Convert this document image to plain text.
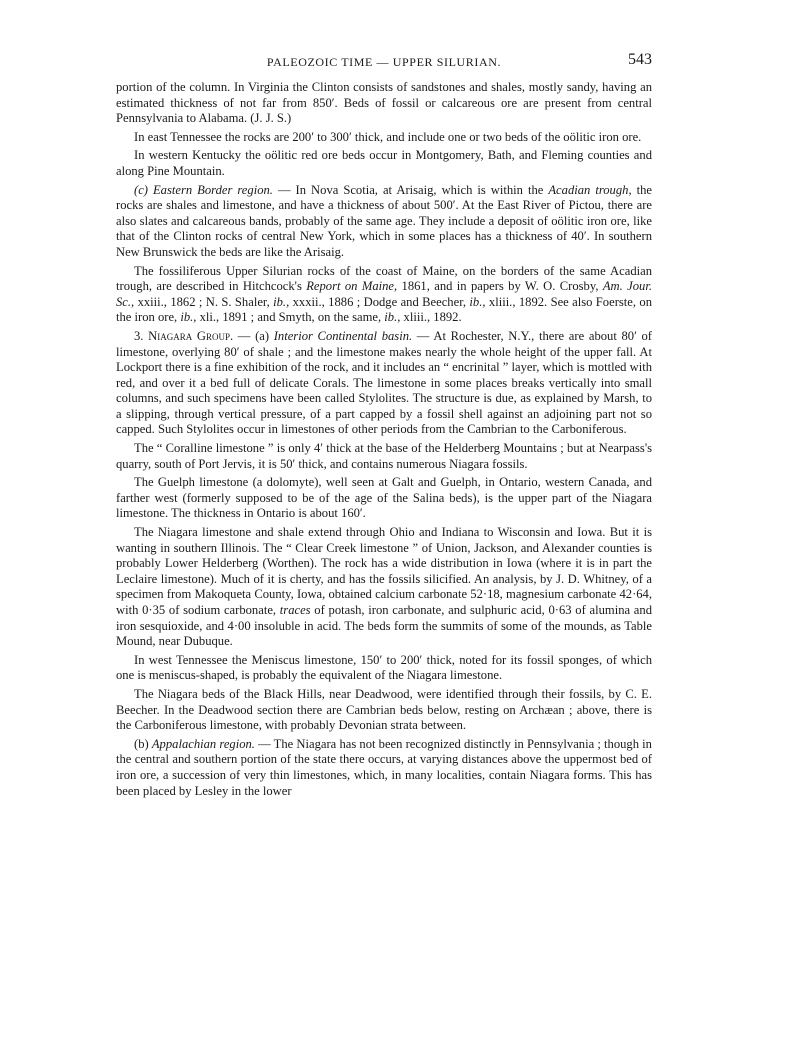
PALEOZOIC TIME — UPPER SILURIAN.	543

portion of the column. In Virginia the Clinton consists of sandstones and shales, mostly sandy, having an estimated thickness of not far from 850′. Beds of fossil or calcareous ore are present from central Pennsylvania to Alabama. (J. J. S.)

In east Tennessee the rocks are 200′ to 300′ thick, and include one or two beds of the oölitic iron ore.

In western Kentucky the oölitic red ore beds occur in Montgomery, Bath, and Fleming counties and along Pine Mountain.

(c) Eastern Border region. — In Nova Scotia, at Arisaig, which is within the Acadian trough, the rocks are shales and limestone, and have a thickness of about 500′. At the East River of Pictou, there are also slates and calcareous bands, probably of the same age. They include a deposit of oölitic iron ore, like that of the Clinton rocks of central New York, which in some places has a thickness of 40′. In southern New Brunswick the beds are like the Arisaig.

The fossiliferous Upper Silurian rocks of the coast of Maine, on the borders of the same Acadian trough, are described in Hitchcock's Report on Maine, 1861, and in papers by W. O. Crosby, Am. Jour. Sc., xxiii., 1862 ; N. S. Shaler, ib., xxxii., 1886 ; Dodge and Beecher, ib., xliii., 1892. See also Foerste, on the iron ore, ib., xli., 1891 ; and Smyth, on the same, ib., xliii., 1892.

3. Niagara Group. — (a) Interior Continental basin. — At Rochester, N.Y., there are about 80′ of limestone, overlying 80′ of shale ; and the limestone makes nearly the whole height of the upper fall. At Lockport there is a fine exhibition of the rock, and it includes an “ encrinital ” layer, which is mottled with red, and over it a bed full of delicate Corals. The limestone in some places breaks vertically into small columns, and such specimens have been called Stylolites. The structure is due, as explained by Marsh, to a slipping, through vertical pressure, of a part capped by a fossil shell against an adjoining part not so capped. Such Stylolites occur in limestones of other periods from the Cambrian to the Carboniferous.

The “ Coralline limestone ” is only 4′ thick at the base of the Helderberg Mountains ; but at Nearpass's quarry, south of Port Jervis, it is 50′ thick, and contains numerous Niagara fossils.

The Guelph limestone (a dolomyte), well seen at Galt and Guelph, in Ontario, western Canada, and farther west (formerly supposed to be of the age of the Salina beds), is the upper part of the Niagara limestone. The thickness in Ontario is about 160′.

The Niagara limestone and shale extend through Ohio and Indiana to Wisconsin and Iowa. But it is wanting in southern Illinois. The “ Clear Creek limestone ” of Union, Jackson, and Alexander counties is probably Lower Helderberg (Worthen). The rock has a wide distribution in Iowa (where it is in part the Leclaire limestone). Much of it is cherty, and has the fossils silicified. An analysis, by J. D. Whitney, of a specimen from Makoqueta County, Iowa, obtained calcium carbonate 52·18, magnesium carbonate 42·64, with 0·35 of sodium carbonate, traces of potash, iron carbonate, and sulphuric acid, 0·63 of alumina and iron sesquioxide, and 4·00 insoluble in acid. The beds form the summits of some of the mounds, as Table Mound, near Dubuque.

In west Tennessee the Meniscus limestone, 150′ to 200′ thick, noted for its fossil sponges, of which one is meniscus-shaped, is probably the equivalent of the Niagara limestone.

The Niagara beds of the Black Hills, near Deadwood, were identified through their fossils, by C. E. Beecher. In the Deadwood section there are Cambrian beds below, resting on Archæan ; above, there is the Carboniferous limestone, with probably Devonian strata between.

(b) Appalachian region. — The Niagara has not been recognized distinctly in Pennsylvania ; though in the central and southern portion of the state there occurs, at varying distances above the uppermost bed of iron ore, a succession of very thin limestones, which, in many localities, contain Niagara forms. This has been placed by Lesley in the lower
